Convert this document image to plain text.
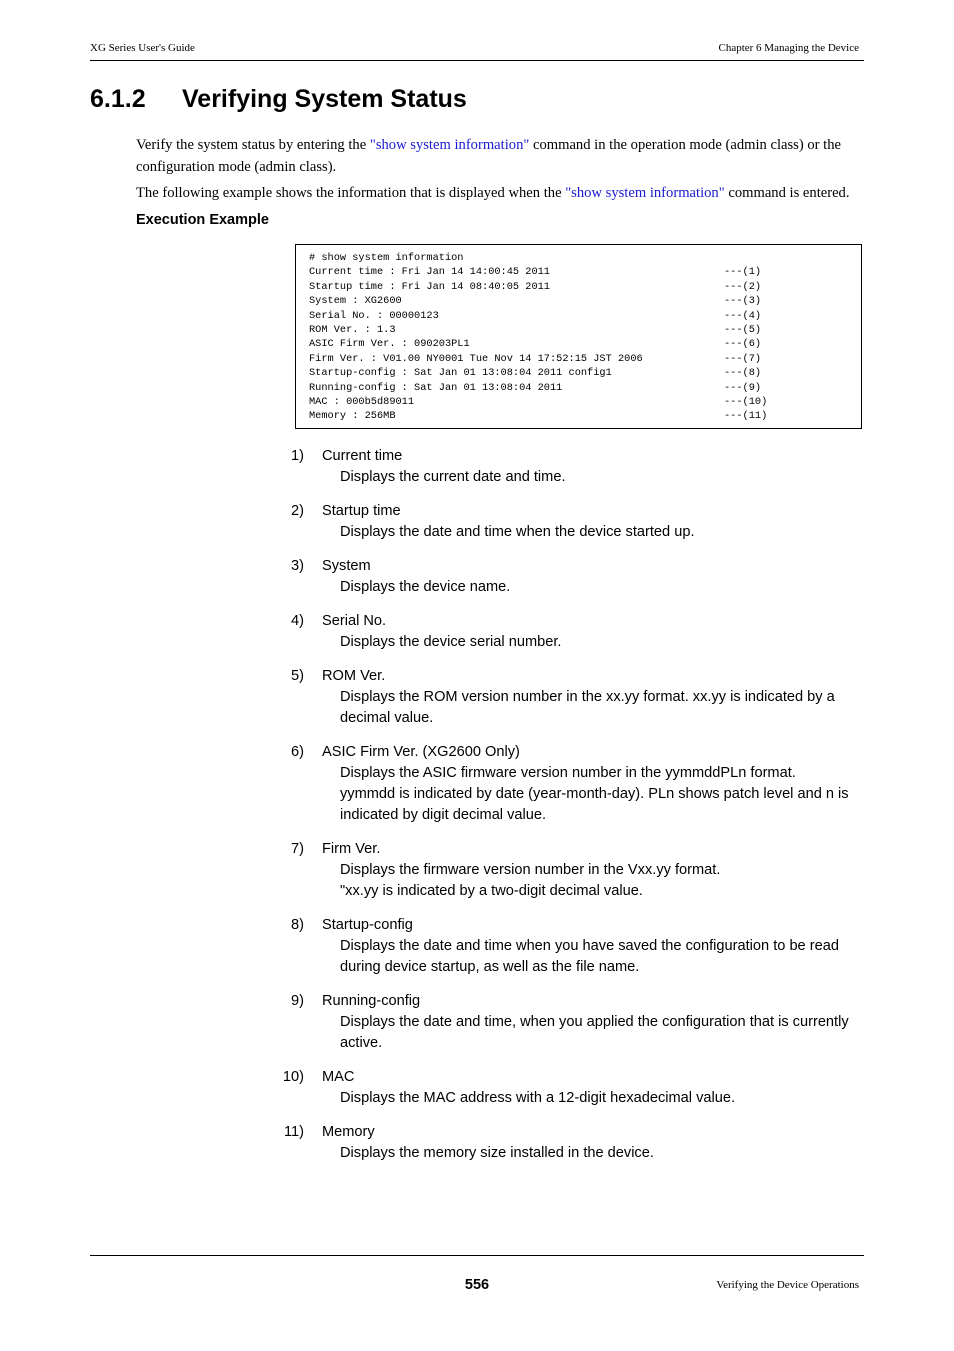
XG Series User's Guide	Chapter 6 Managing the Device
6.1.2 Verifying System Status

Verify the system status by entering the "show system information" command in the operation mode (admin class) or the configuration mode (admin class).

The following example shows the information that is displayed when the "show system information" command is entered.

Execution Example
# show system information
Current time : Fri Jan 14 14:00:45 2011	---(1)
Startup time : Fri Jan 14 08:40:05 2011	---(2)
System : XG2600	---(3)
Serial No. : 00000123	---(4)
ROM Ver. : 1.3	---(5)
ASIC Firm Ver. : 090203PL1	---(6)
Firm Ver. : V01.00 NY0001 Tue Nov 14 17:52:15 JST 2006	---(7)
Startup-config : Sat Jan 01 13:08:04 2011 config1	---(8)
Running-config : Sat Jan 01 13:08:04 2011	---(9)
MAC : 000b5d89011	---(10)
Memory : 256MB	---(11)
1) Current time
Displays the current date and time.
2) Startup time
Displays the date and time when the device started up.
3) System
Displays the device name.
4) Serial No.
Displays the device serial number.
5) ROM Ver.
Displays the ROM version number in the xx.yy format. xx.yy is indicated by a
decimal value.
6) ASIC Firm Ver. (XG2600 Only)
Displays the ASIC firmware version number in the yymmddPLn format.
yymmdd is indicated by date (year-month-day). PLn shows patch level and n is
indicated by digit decimal value.
7) Firm Ver.
Displays the firmware version number in the Vxx.yy format.
"xx.yy is indicated by a two-digit decimal value.
8) Startup-config
Displays the date and time when you have saved the configuration to be read
during device startup, as well as the file name.
9) Running-config
Displays the date and time, when you applied the configuration that is currently
active.
10) MAC
Displays the MAC address with a 12-digit hexadecimal value.
11) Memory
Displays the memory size installed in the device.
556	Verifying the Device Operations
